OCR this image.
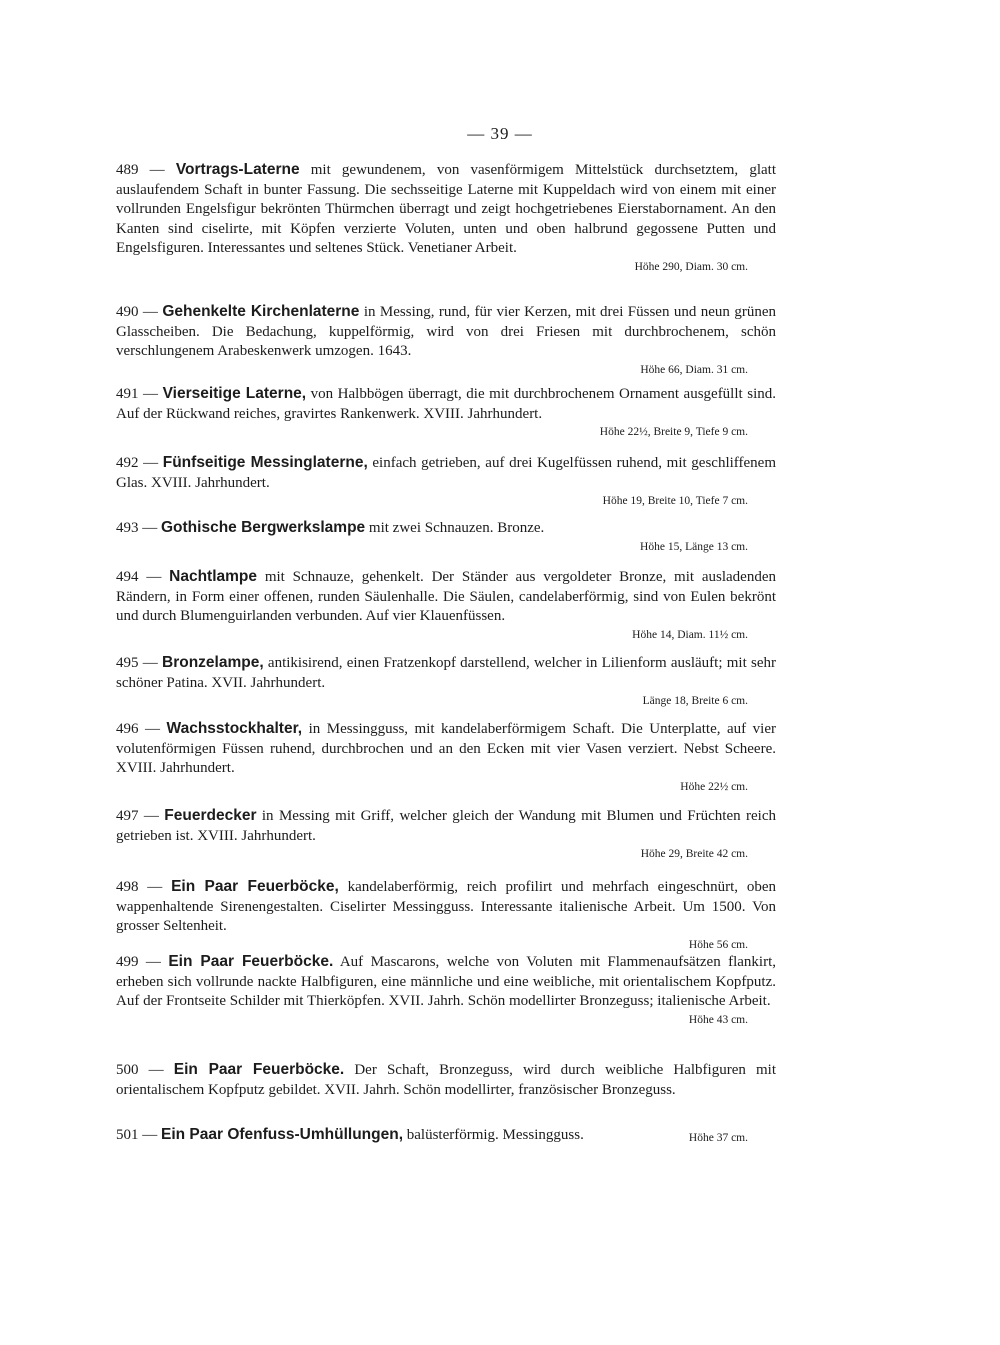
— 39 —

489 — Vortrags-Laterne mit gewundenem, von vasenförmigem Mittelstück durchsetztem, glatt auslaufendem Schaft in bunter Fassung. Die sechsseitige Laterne mit Kuppeldach wird von einem mit einer vollrunden Engelsfigur bekrönten Thürmchen überragt und zeigt hochgetriebenes Eierstabornament. An den Kanten sind ciselirte, mit Köpfen verzierte Voluten, unten und oben halbrund gegossene Putten und Engelsfiguren. Interessantes und seltenes Stück. Venetianer Arbeit.

Höhe 290, Diam. 30 cm.

490 — Gehenkelte Kirchenlaterne in Messing, rund, für vier Kerzen, mit drei Füssen und neun grünen Glasscheiben. Die Bedachung, kuppelförmig, wird von drei Friesen mit durchbrochenem, schön verschlungenem Arabeskenwerk umzogen. 1643.

Höhe 66, Diam. 31 cm.

491 — Vierseitige Laterne, von Halbbögen überragt, die mit durchbrochenem Ornament ausgefüllt sind. Auf der Rückwand reiches, gravirtes Rankenwerk. XVIII. Jahrhundert.

Höhe 22½, Breite 9, Tiefe 9 cm.

492 — Fünfseitige Messinglaterne, einfach getrieben, auf drei Kugelfüssen ruhend, mit geschliffenem Glas. XVIII. Jahrhundert.

Höhe 19, Breite 10, Tiefe 7 cm.

493 — Gothische Bergwerkslampe mit zwei Schnauzen. Bronze.

Höhe 15, Länge 13 cm.

494 — Nachtlampe mit Schnauze, gehenkelt. Der Ständer aus vergoldeter Bronze, mit ausladenden Rändern, in Form einer offenen, runden Säulenhalle. Die Säulen, candelaberförmig, sind von Eulen bekrönt und durch Blumenguirlanden verbunden. Auf vier Klauenfüssen.

Höhe 14, Diam. 11½ cm.

495 — Bronzelampe, antikisirend, einen Fratzenkopf darstellend, welcher in Lilienform ausläuft; mit sehr schöner Patina. XVII. Jahrhundert.

Länge 18, Breite 6 cm.

496 — Wachsstockhalter, in Messingguss, mit kandelaberförmigem Schaft. Die Unterplatte, auf vier volutenförmigen Füssen ruhend, durchbrochen und an den Ecken mit vier Vasen verziert. Nebst Scheere. XVIII. Jahrhundert.

Höhe 22½ cm.

497 — Feuerdecker in Messing mit Griff, welcher gleich der Wandung mit Blumen und Früchten reich getrieben ist. XVIII. Jahrhundert.

Höhe 29, Breite 42 cm.

498 — Ein Paar Feuerböcke, kandelaberförmig, reich profilirt und mehrfach eingeschnürt, oben wappenhaltende Sirenengestalten. Ciselirter Messingguss. Interessante italienische Arbeit. Um 1500. Von grosser Seltenheit.

Höhe 56 cm.

499 — Ein Paar Feuerböcke. Auf Mascarons, welche von Voluten mit Flammenaufsätzen flankirt, erheben sich vollrunde nackte Halbfiguren, eine männliche und eine weibliche, mit orientalischem Kopfputz. Auf der Frontseite Schilder mit Thierköpfen. XVII. Jahrh. Schön modellirter Bronzeguss; italienische Arbeit.

Höhe 43 cm.

500 — Ein Paar Feuerböcke. Der Schaft, Bronzeguss, wird durch weibliche Halbfiguren mit orientalischem Kopfputz gebildet. XVII. Jahrh. Schön modellirter, französischer Bronzeguss.

501 — Ein Paar Ofenfuss-Umhüllungen, balüsterförmig. Messingguss.	Höhe 37 cm.
